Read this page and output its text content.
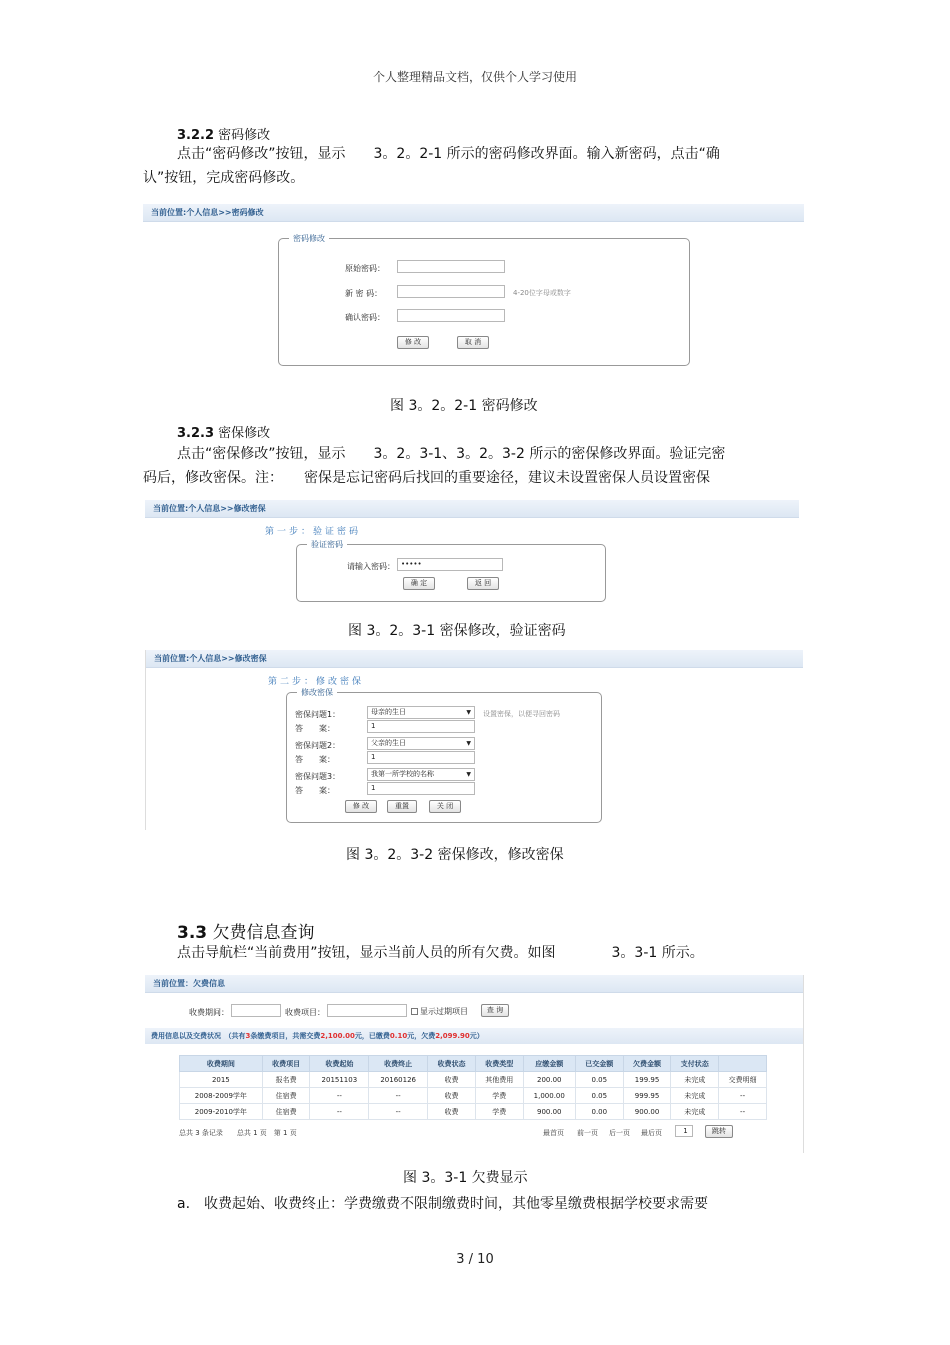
个人整理精品文档，仅供个人学习使用
3.2.2 密码修改
点击“密码修改”按钮，显示　　3。2。2-1 所示的密码修改界面。输入新密码，点击“确
认”按钮，完成密码修改。
当前位置:个人信息>>密码修改
密码修改
原始密码：
新 密 码：	4-20位字母或数字
确认密码：
修 改	取 消
图 3。2。2-1 密码修改
3.2.3 密保修改
点击“密保修改”按钮，显示　　3。2。3-1、3。2。3-2 所示的密保修改界面。验证完密
码后，修改密保。注：　　密保是忘记密码后找回的重要途径，建议未设置密保人员设置密保
当前位置:个人信息>>修改密保
第一步：验证密码
验证密码
请输入密码： •••••
确 定	返 回
图 3。2。3-1 密保修改，验证密码
当前位置:个人信息>>修改密保
第二步：修改密保
修改密保
密保问题1：	母亲的生日	▼ 设置密保，以便寻回密码
答　　案：	1
密保问题2：	父亲的生日	▼
答　　案：	1
密保问题3：	我第一所学校的名称	▼
答　　案：	1
修 改	重置	关 闭
图 3。2。3-2 密保修改，修改密保
3.3 欠费信息查询
点击导航栏“当前费用”按钮，显示当前人员的所有欠费。如图　　　　3。3-1 所示。
当前位置：欠费信息
收费期间：	收费项目：	显示过期项目	查 询
费用信息以及交费状况　（共有3条缴费项目，共需交费2,100.00元，已缴费0.10元，欠费2,099.90元）
收费期间	收费项目	收费起始	收费终止	收费状态	收费类型	应缴金额	已交金额	欠费金额	支付状态	
2015	报名费	20151103	20160126	收费	其他费用	200.00	0.05	199.95	未完成	交费明细
2008-2009学年	住宿费	--	--	收费	学费	1,000.00	0.05	999.95	未完成	--
2009-2010学年	住宿费	--	--	收费	学费	900.00	0.00	900.00	未完成	--
总共 3 条记录　　总共 1 页　第 1 页	最首页 前一页 后一页 最后页	1	跳转
图 3。3-1 欠费显示
a.　收费起始、收费终止：学费缴费不限制缴费时间，其他零星缴费根据学校要求需要
3 / 10
